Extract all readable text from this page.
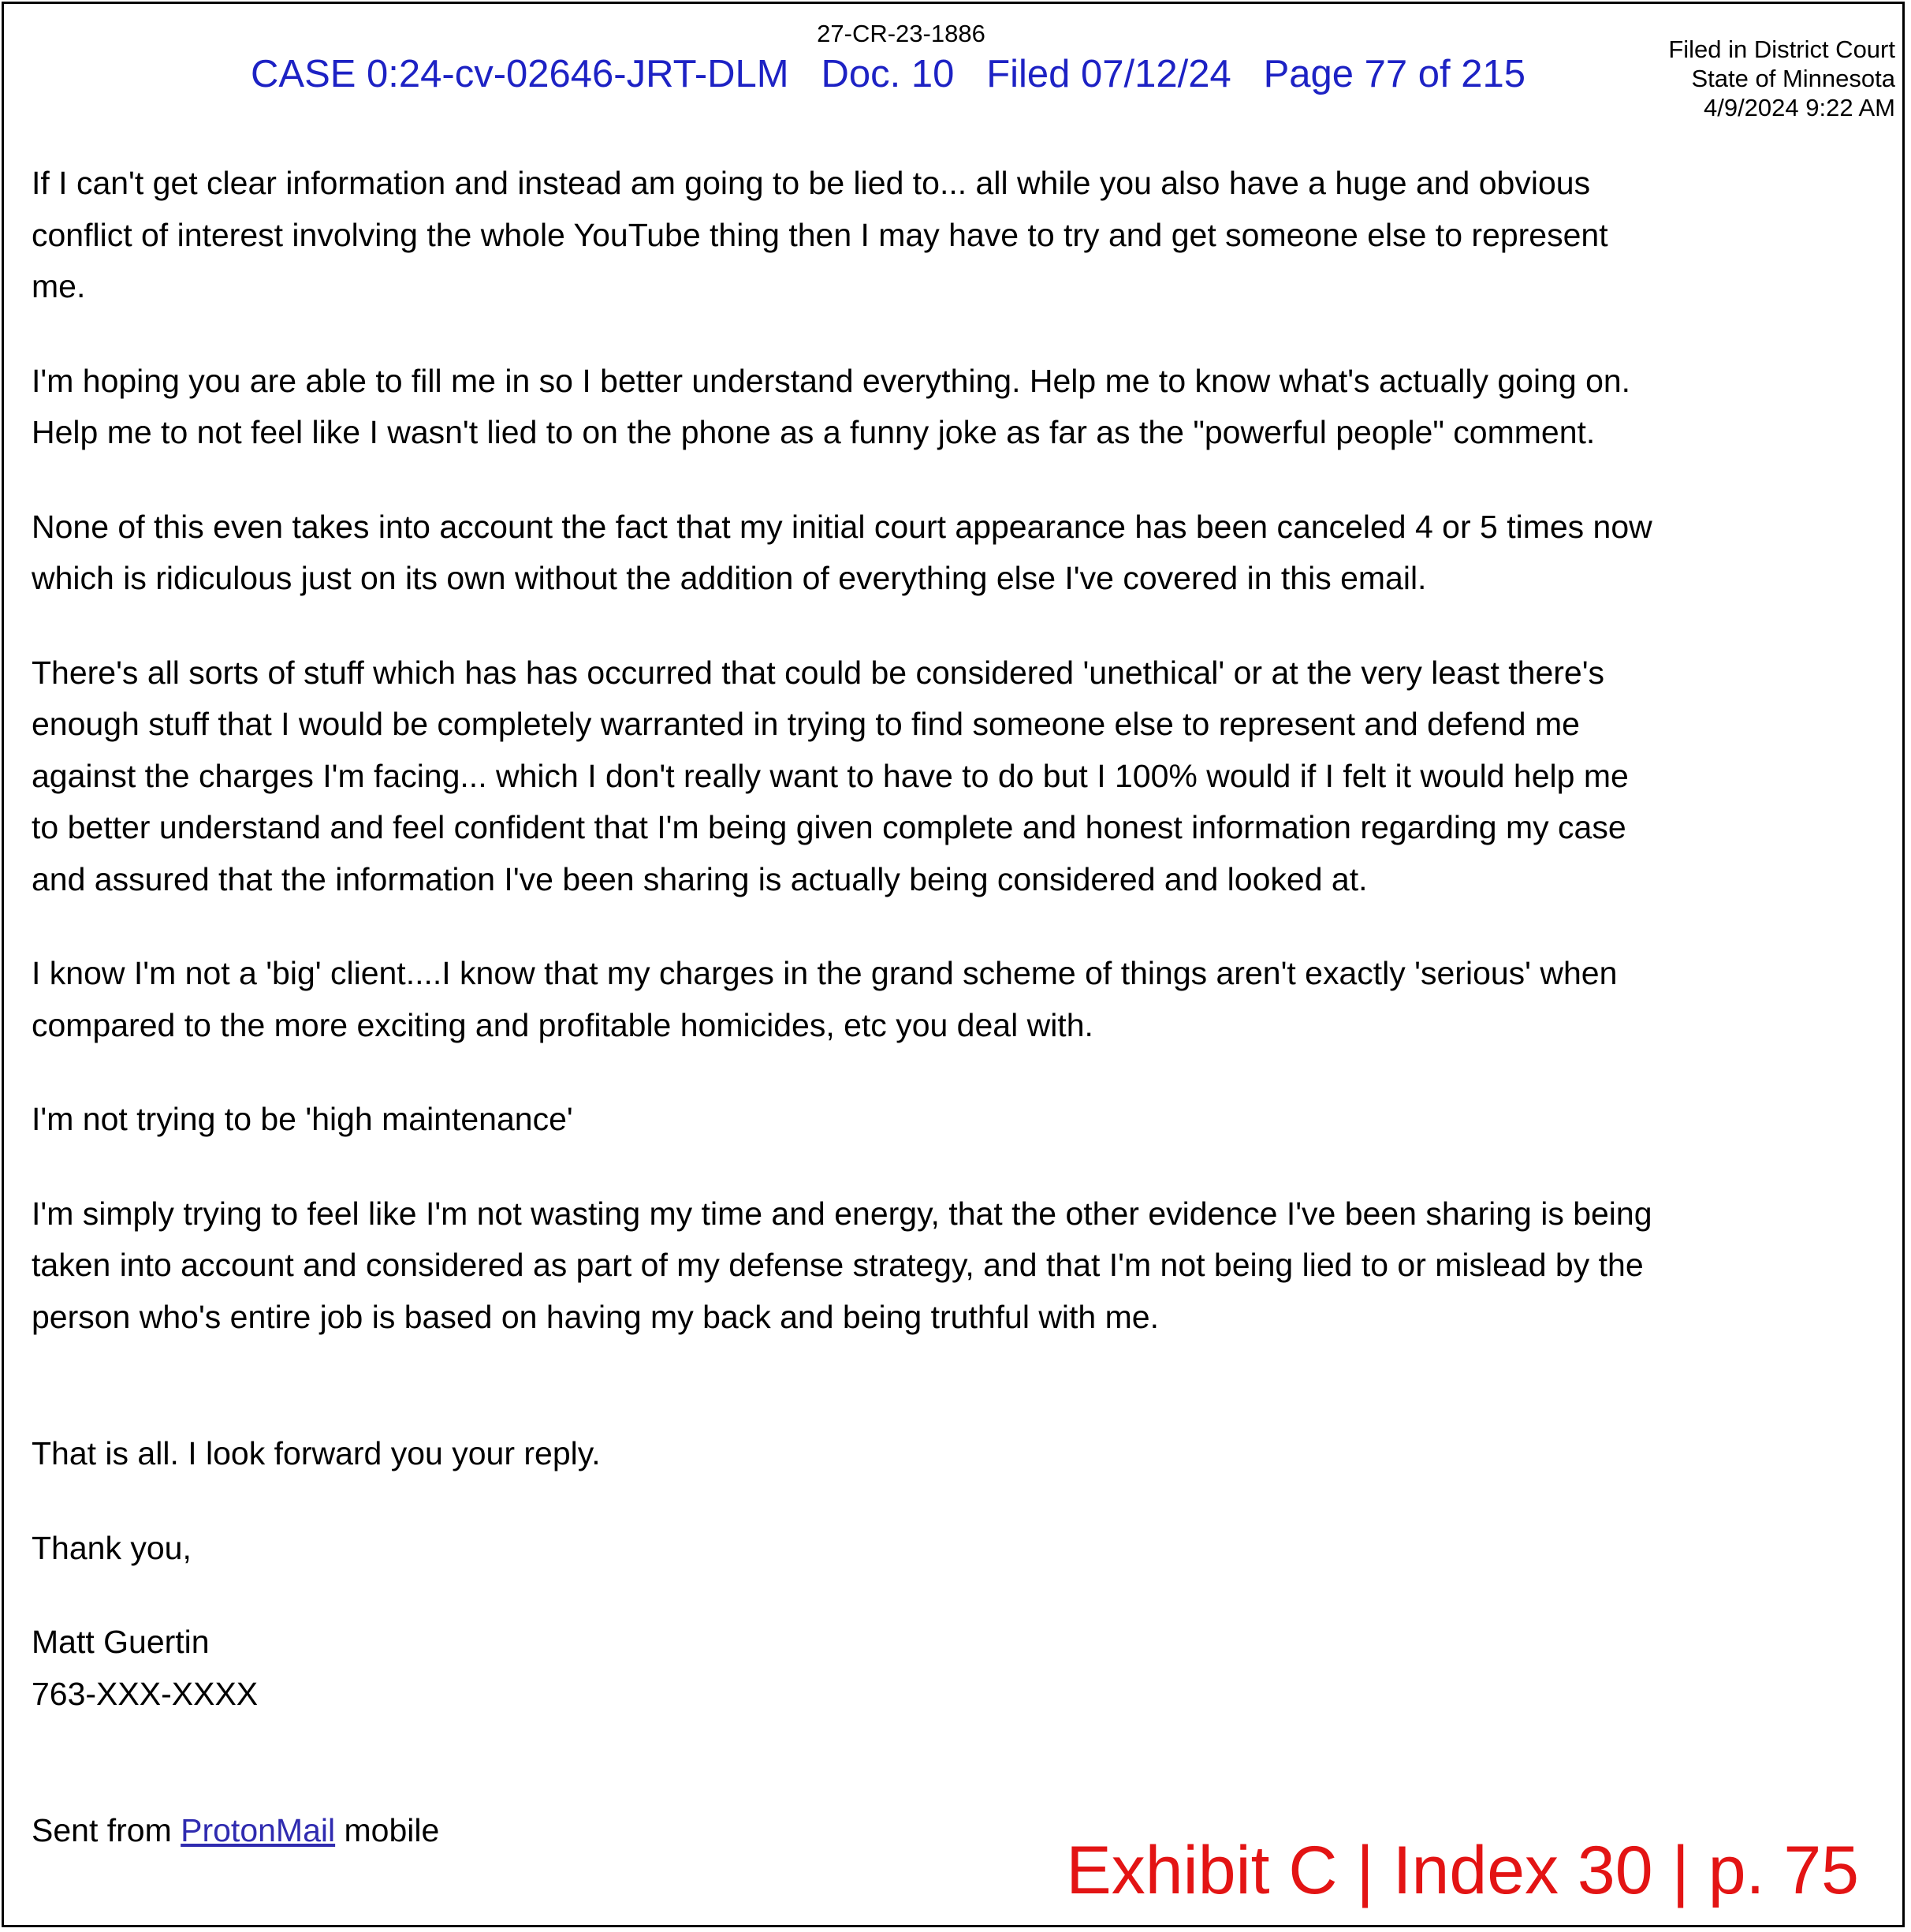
27-CR-23-1886
CASE 0:24-cv-02646-JRT-DLM Doc. 10 Filed 07/12/24 Page 77 of 215
Filed in District Court
State of Minnesota
4/9/2024 9:22 AM

If I can't get clear information and instead am going to be lied to... all while you also have a huge and obvious

conflict of interest involving the whole YouTube thing then I may have to try and get someone else to represent

me.

I'm hoping you are able to fill me in so I better understand everything. Help me to know what's actually going on.

Help me to not feel like I wasn't lied to on the phone as a funny joke as far as the "powerful people" comment.

None of this even takes into account the fact that my initial court appearance has been canceled 4 or 5 times now

which is ridiculous just on its own without the addition of everything else I've covered in this email.

There's all sorts of stuff which has has occurred that could be considered 'unethical' or at the very least there's

enough stuff that I would be completely warranted in trying to find someone else to represent and defend me

against the charges I'm facing... which I don't really want to have to do but I 100% would if I felt it would help me

to better understand and feel confident that I'm being given complete and honest information regarding my case

and assured that the information I've been sharing is actually being considered and looked at.

I know I'm not a 'big' client....I know that my charges in the grand scheme of things aren't exactly 'serious' when

compared to the more exciting and profitable homicides, etc you deal with.

I'm not trying to be 'high maintenance'

I'm simply trying to feel like I'm not wasting my time and energy, that the other evidence I've been sharing is being

taken into account and considered as part of my defense strategy, and that I'm not being lied to or mislead by the

person who's entire job is based on having my back and being truthful with me.

That is all. I look forward you your reply.

Thank you,

Matt Guertin

763-XXX-XXXX

Sent from ProtonMail mobile

Exhibit C | Index 30 | p. 75
